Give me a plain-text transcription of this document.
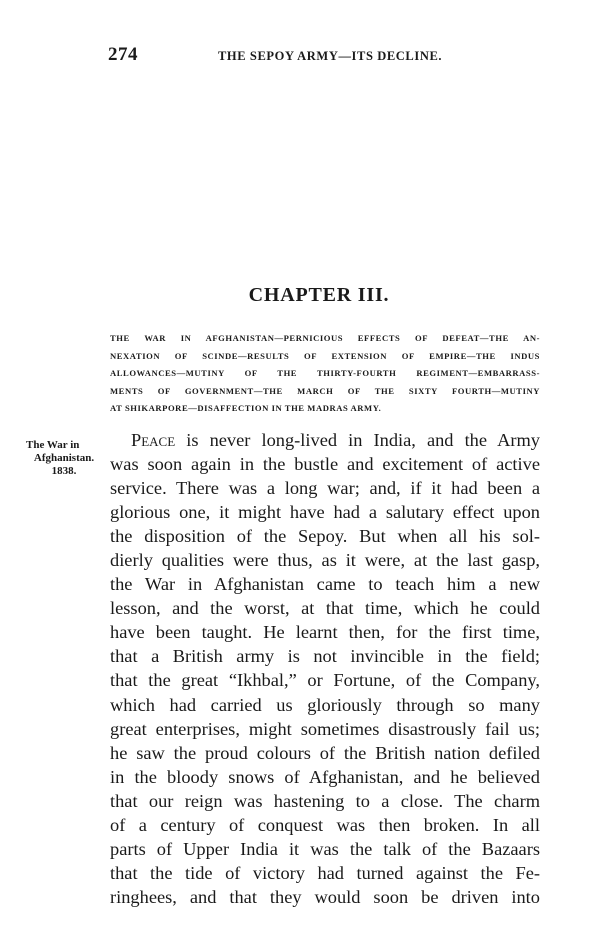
274	THE SEPOY ARMY—ITS DECLINE.
CHAPTER III.
THE WAR IN AFGHANISTAN—PERNICIOUS EFFECTS OF DEFEAT—THE AN-
NEXATION OF SCINDE—RESULTS OF EXTENSION OF EMPIRE—THE INDUS
ALLOWANCES—MUTINY OF THE THIRTY-FOURTH REGIMENT—EMBARRASS-
MENTS OF GOVERNMENT—THE MARCH OF THE SIXTY FOURTH—MUTINY
AT SHIKARPORE—DISAFFECTION IN THE MADRAS ARMY.
The War in
Afghanistan.
1838.
Peace is never long-lived in India, and the Army
was soon again in the bustle and excitement of active
service. There was a long war; and, if it had been a
glorious one, it might have had a salutary effect upon
the disposition of the Sepoy. But when all his sol-
dierly qualities were thus, as it were, at the last gasp,
the War in Afghanistan came to teach him a new
lesson, and the worst, at that time, which he could
have been taught. He learnt then, for the first time,
that a British army is not invincible in the field;
that the great “Ikhbal,” or Fortune, of the Company,
which had carried us gloriously through so many
great enterprises, might sometimes disastrously fail us;
he saw the proud colours of the British nation defiled
in the bloody snows of Afghanistan, and he believed
that our reign was hastening to a close. The charm
of a century of conquest was then broken. In all
parts of Upper India it was the talk of the Bazaars
that the tide of victory had turned against the Fe-
ringhees, and that they would soon be driven into
